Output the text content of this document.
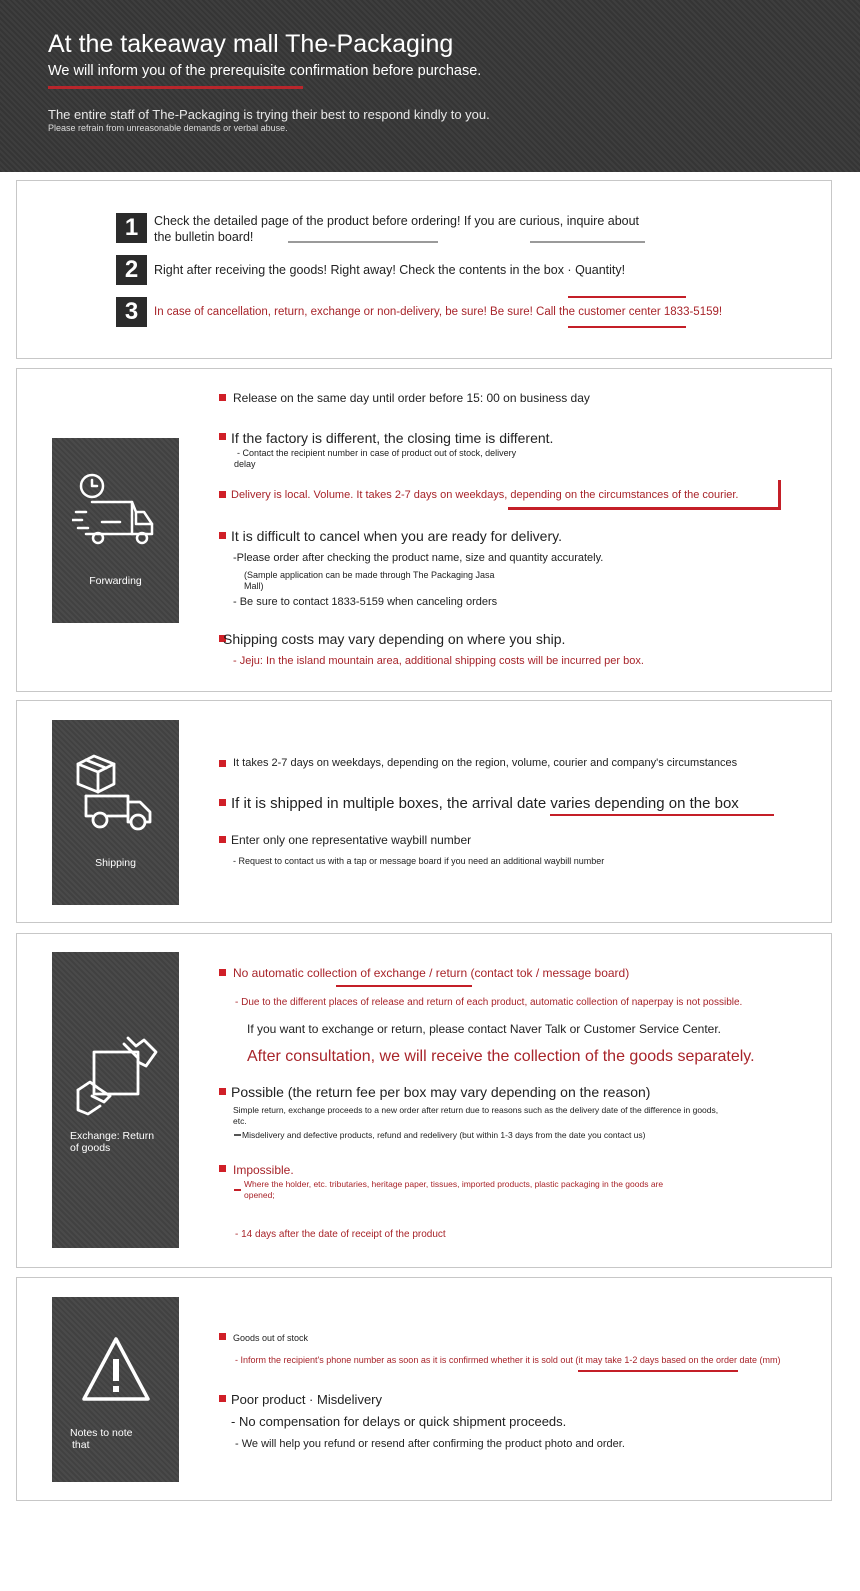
At the takeaway mall The-Packaging
We will inform you of the prerequisite confirmation before purchase.
The entire staff of The-Packaging is trying their best to respond kindly to you.
Please refrain from unreasonable demands or verbal abuse.
1	Check the detailed page of the product before ordering! If you are curious, inquire about
the bulletin board!
2	Right after receiving the goods! Right away! Check the contents in the box · Quantity!
3	In case of cancellation, return, exchange or non-delivery, be sure! Be sure! Call the customer center 1833-5159!
Forwarding
Release on the same day until order before 15: 00 on business day
If the factory is different, the closing time is different.
- Contact the recipient number in case of product out of stock, delivery
delay
Delivery is local. Volume. It takes 2-7 days on weekdays, depending on the circumstances of the courier.
It is difficult to cancel when you are ready for delivery.
-Please order after checking the product name, size and quantity accurately.
(Sample application can be made through The Packaging Jasa
Mall)
- Be sure to contact 1833-5159 when canceling orders
Shipping costs may vary depending on where you ship.
- Jeju: In the island mountain area, additional shipping costs will be incurred per box.
Shipping
It takes 2-7 days on weekdays, depending on the region, volume, courier and company's circumstances
If it is shipped in multiple boxes, the arrival date varies depending on the box
Enter only one representative waybill number
- Request to contact us with a tap or message board if you need an additional waybill number
Exchange: Return
of goods
No automatic collection of exchange / return (contact tok / message board)
- Due to the different places of release and return of each product, automatic collection of naperpay is not possible.
If you want to exchange or return, please contact Naver Talk or Customer Service Center.
After consultation, we will receive the collection of the goods separately.
Possible (the return fee per box may vary depending on the reason)
Simple return, exchange proceeds to a new order after return due to reasons such as the delivery date of the difference in goods,
etc.
Misdelivery and defective products, refund and redelivery (but within 1-3 days from the date you contact us)
Impossible.
Where the holder, etc. tributaries, heritage paper, tissues, imported products, plastic packaging in the goods are
opened;
- 14 days after the date of receipt of the product
Notes to note
that
Goods out of stock
- Inform the recipient's phone number as soon as it is confirmed whether it is sold out (it may take 1-2 days based on the order date (mm)
Poor product · Misdelivery
- No compensation for delays or quick shipment proceeds.
- We will help you refund or resend after confirming the product photo and order.
